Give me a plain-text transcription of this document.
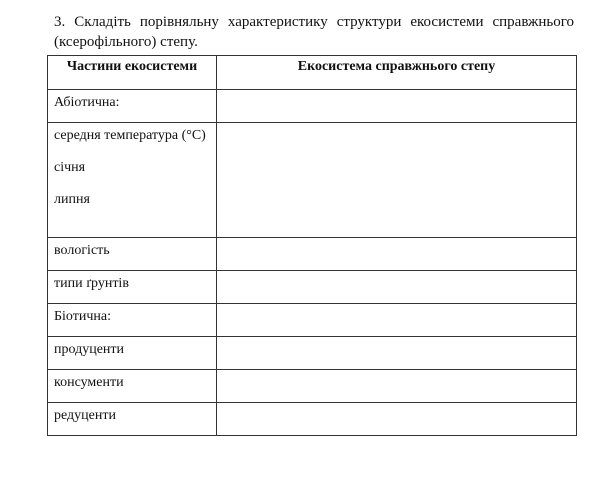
3. Складіть порівняльну характеристику структури екосистеми справжнього (ксерофільного) степу.
Частини екосистеми	Екосистема справжнього степу

Абіотична:	

середня температура (°С)
січня
липня	

вологість	

типи ґрунтів	

Біотична:	

продуценти	

консументи	

редуценти	
